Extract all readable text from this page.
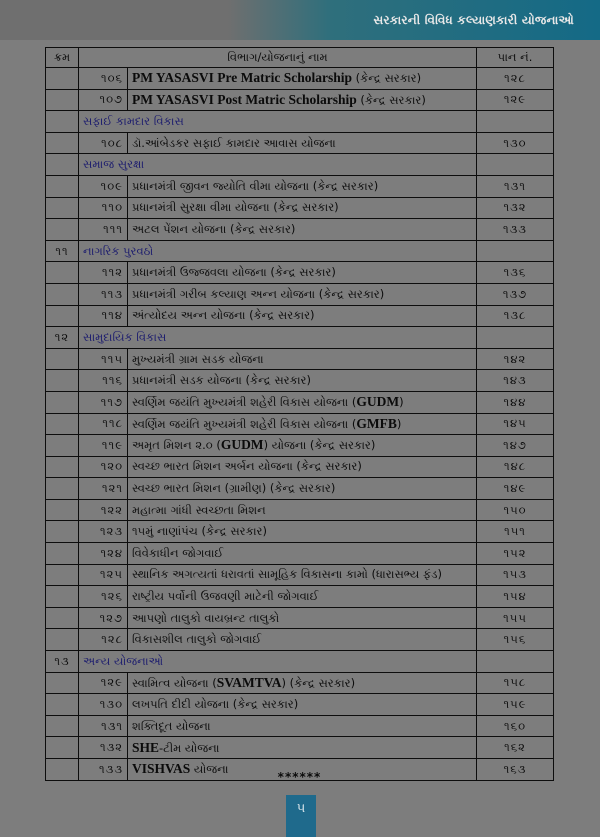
સરકારની વિવિધ કલ્યાણકારી યોજનાઓ
ક્રમ	વિભાગ/યોજનાનું નામ		પાન નં.
	૧૦૬	PM YASASVI Pre Matric Scholarship (કેન્દ્ર સરકાર)	૧૨૮
	૧૦૭	PM YASASVI Post Matric Scholarship (કેન્દ્ર સરકાર)	૧૨૯
	સફાઈ કામદાર વિકાસ		
	૧૦૮	ડૉ.આંબેડકર સફાઈ કામદાર આવાસ યોજના	૧૩૦
	સમાજ સુરક્ષા		
	૧૦૯	પ્રધાનમંત્રી જીવન જ્યોતિ વીમા યોજના (કેન્દ્ર સરકાર)	૧૩૧
	૧૧૦	પ્રધાનમંત્રી સુરક્ષા વીમા યોજના (કેન્દ્ર સરકાર)	૧૩૨
	૧૧૧	અટલ પેંશન યોજના (કેન્દ્ર સરકાર)	૧૩૩
૧૧	નાગરિક પુરવઠો		
	૧૧૨	પ્રધાનમંત્રી ઉજ્જવલા યોજના (કેન્દ્ર સરકાર)	૧૩૬
	૧૧૩	પ્રધાનમંત્રી ગરીબ કલ્યાણ અન્ન યોજના (કેન્દ્ર સરકાર)	૧૩૭
	૧૧૪	અંત્યોદય અન્ન યોજના (કેન્દ્ર સરકાર)	૧૩૮
૧૨	સામુદાયિક વિકાસ		
	૧૧૫	મુખ્યમંત્રી ગ્રામ સડક યોજના	૧૪૨
	૧૧૬	પ્રધાનમંત્રી સડક યોજના (કેન્દ્ર સરકાર)	૧૪૩
	૧૧૭	સ્વર્ણિમ જયંતિ મુખ્યમંત્રી શહેરી વિકાસ યોજના (GUDM)	૧૪૪
	૧૧૮	સ્વર્ણિમ જયંતિ મુખ્યમંત્રી શહેરી વિકાસ યોજના (GMFB)	૧૪૫
	૧૧૯	અમૃત મિશન ૨.૦ (GUDM) યોજના (કેન્દ્ર સરકાર)	૧૪૭
	૧૨૦	સ્વચ્છ ભારત મિશન અર્બન યોજના (કેન્દ્ર સરકાર)	૧૪૮
	૧૨૧	સ્વચ્છ ભારત મિશન (ગ્રામીણ) (કેન્દ્ર સરકાર)	૧૪૯
	૧૨૨	મહાત્મા ગાંધી સ્વચ્છતા મિશન	૧૫૦
	૧૨૩	૧૫મું નાણાંપંચ (કેન્દ્ર સરકાર)	૧૫૧
	૧૨૪	વિવેકાધીન જોગવાઈ	૧૫૨
	૧૨૫	સ્થાનિક અગત્યતાં ધરાવતાં સામૂહિક વિકાસના કામો (ધારાસભ્ય ફંડ)	૧૫૩
	૧૨૬	રાષ્ટ્રીય પર્વોની ઉજવણી માટેની જોગવાઈ	૧૫૪
	૧૨૭	આપણો તાલુકો વાયબ્રન્ટ તાલુકો	૧૫૫
	૧૨૮	વિકાસશીલ તાલુકો જોગવાઈ	૧૫૬
૧૩	અન્ય યોજનાઓ		
	૧૨૯	સ્વામિત્વ યોજના (SVAMTVA) (કેન્દ્ર સરકાર)	૧૫૮
	૧૩૦	લખપતિ દીદી યોજના (કેન્દ્ર સરકાર)	૧૫૯
	૧૩૧	શક્તિદૂત યોજના	૧૬૦
	૧૩૨	SHE-ટીમ યોજના	૧૬૨
	૧૩૩	VISHVAS યોજના	૧૬૩
******
૫
